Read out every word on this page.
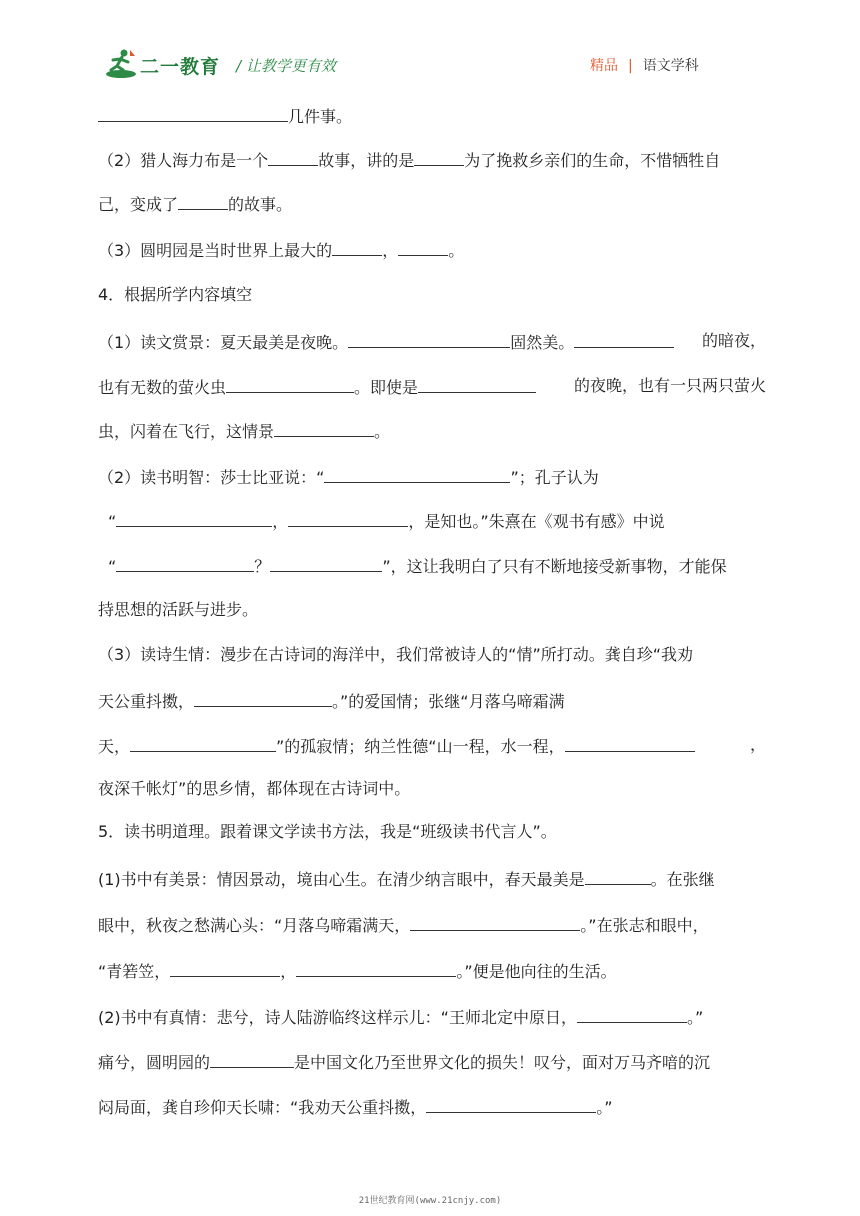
二一教育 / 让教学更有效	精品 | 语文学科
几件事。
（2）猎人海力布是一个	故事，讲的是	为了挽救乡亲们的生命，不惜牺牲自
己，变成了	的故事。
（3）圆明园是当时世界上最大的	，	。
4．根据所学内容填空
（1）读文赏景：夏天最美是夜晚。	固然美。	的暗夜，
也有无数的萤火虫	。即使是	的夜晚，也有一只两只萤火
虫，闪着在飞行，这情景	。
（2）读书明智：莎士比亚说：“	”；孔子认为
“	，	，是知也。”朱熹在《观书有感》中说
“	？	”，这让我明白了只有不断地接受新事物，才能保
持思想的活跃与进步。
（3）读诗生情：漫步在古诗词的海洋中，我们常被诗人的“情”所打动。龚自珍“我劝
天公重抖擞，	。”的爱国情；张继“月落乌啼霜满
天，	”的孤寂情；纳兰性德“山一程，水一程，	，
夜深千帐灯”的思乡情，都体现在古诗词中。
5．读书明道理。跟着课文学读书方法，我是“班级读书代言人”。
(1)书中有美景：情因景动，境由心生。在清少纳言眼中，春天最美是	。在张继
眼中，秋夜之愁满心头：“月落乌啼霜满天，	。”在张志和眼中，
“青箬笠，	，	。”便是他向往的生活。
(2)书中有真情：悲兮，诗人陆游临终这样示儿：“王师北定中原日，	。”
痛兮，圆明园的	是中国文化乃至世界文化的损失！叹兮，面对万马齐喑的沉
闷局面，龚自珍仰天长啸：“我劝天公重抖擞，	。”
21世纪教育网(www.21cnjy.com)
